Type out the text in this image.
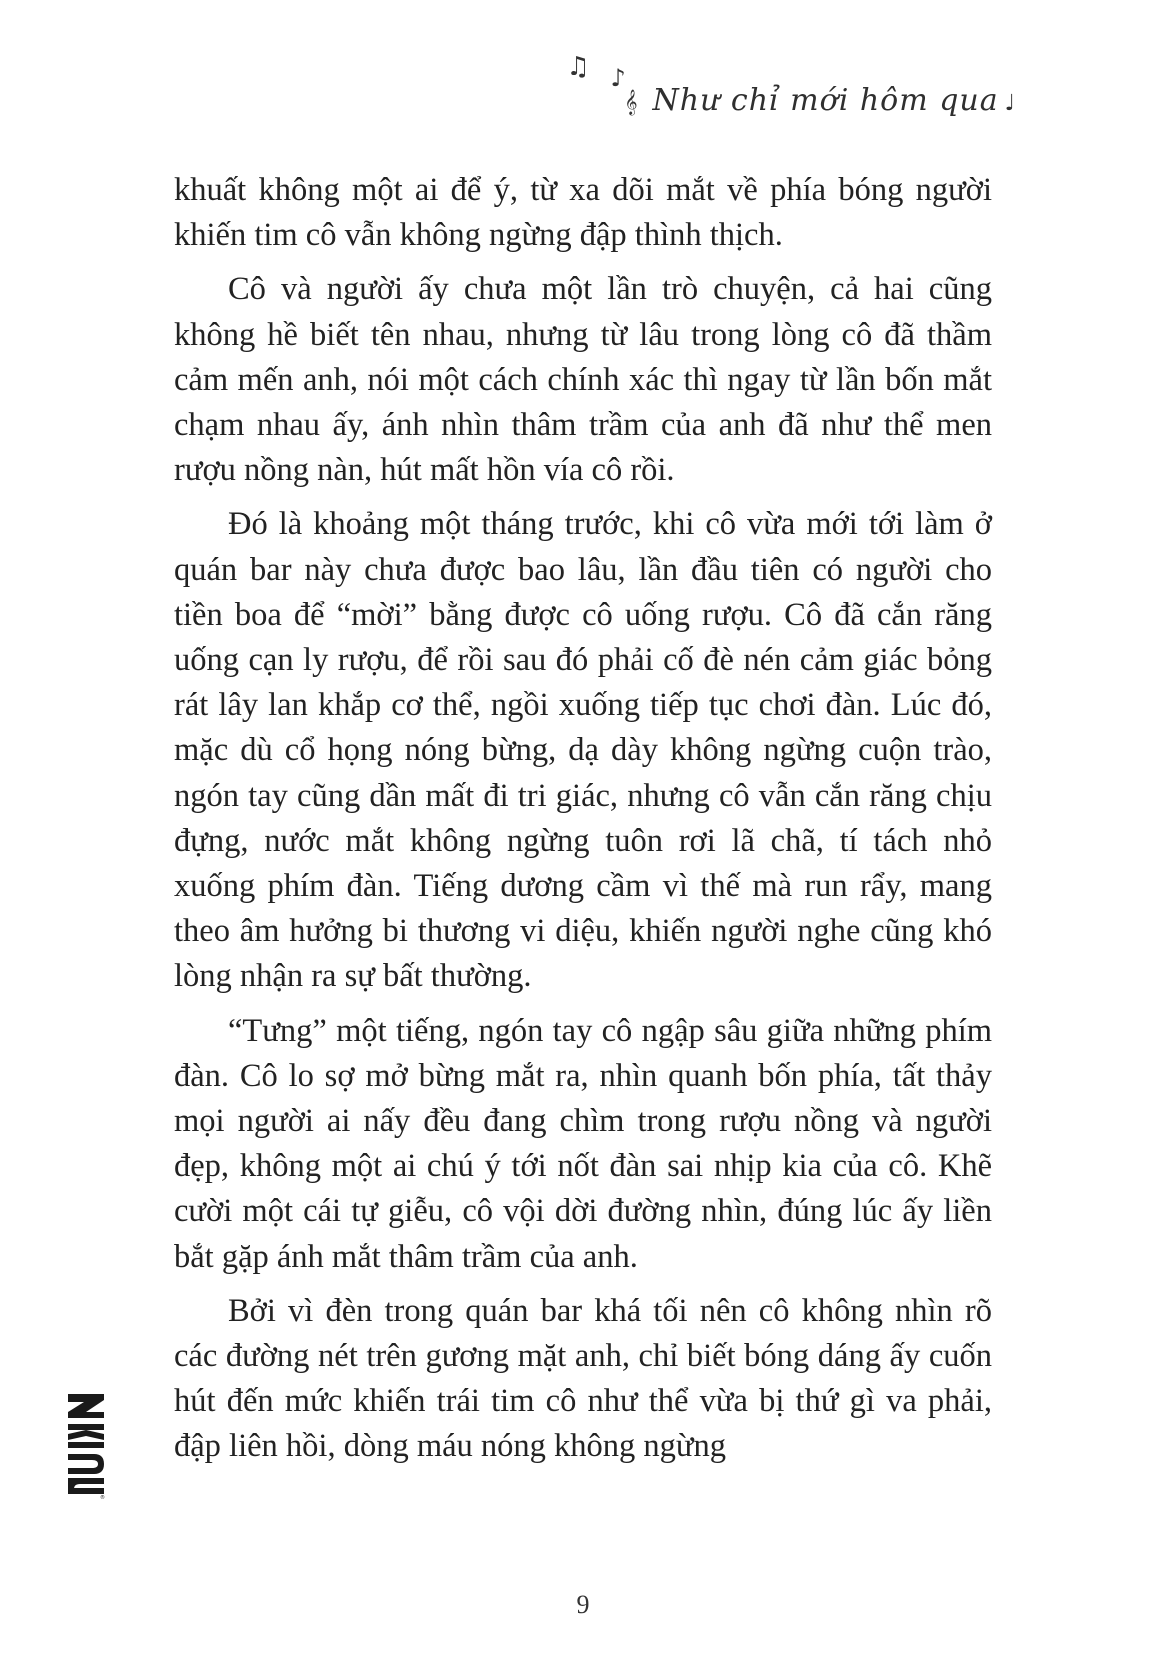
♫ ♪
𝄞 Như chỉ mới hôm qua ♩

khuất không một ai để ý, từ xa dõi mắt về phía bóng người khiến tim cô vẫn không ngừng đập thình thịch.

Cô và người ấy chưa một lần trò chuyện, cả hai cũng không hề biết tên nhau, nhưng từ lâu trong lòng cô đã thầm cảm mến anh, nói một cách chính xác thì ngay từ lần bốn mắt chạm nhau ấy, ánh nhìn thâm trầm của anh đã như thể men rượu nồng nàn, hút mất hồn vía cô rồi.

Đó là khoảng một tháng trước, khi cô vừa mới tới làm ở quán bar này chưa được bao lâu, lần đầu tiên có người cho tiền boa để “mời” bằng được cô uống rượu. Cô đã cắn răng uống cạn ly rượu, để rồi sau đó phải cố đè nén cảm giác bỏng rát lây lan khắp cơ thể, ngồi xuống tiếp tục chơi đàn. Lúc đó, mặc dù cổ họng nóng bừng, dạ dày không ngừng cuộn trào, ngón tay cũng dần mất đi tri giác, nhưng cô vẫn cắn răng chịu đựng, nước mắt không ngừng tuôn rơi lã chã, tí tách nhỏ xuống phím đàn. Tiếng dương cầm vì thế mà run rẩy, mang theo âm hưởng bi thương vi diệu, khiến người nghe cũng khó lòng nhận ra sự bất thường.

“Tưng” một tiếng, ngón tay cô ngập sâu giữa những phím đàn. Cô lo sợ mở bừng mắt ra, nhìn quanh bốn phía, tất thảy mọi người ai nấy đều đang chìm trong rượu nồng và người đẹp, không một ai chú ý tới nốt đàn sai nhịp kia của cô. Khẽ cười một cái tự giễu, cô vội dời đường nhìn, đúng lúc ấy liền bắt gặp ánh mắt thâm trầm của anh.

Bởi vì đèn trong quán bar khá tối nên cô không nhìn rõ các đường nét trên gương mặt anh, chỉ biết bóng dáng ấy cuốn hút đến mức khiến trái tim cô như thể vừa bị thứ gì va phải, đập liên hồi, dòng máu nóng không ngừng

®
9
